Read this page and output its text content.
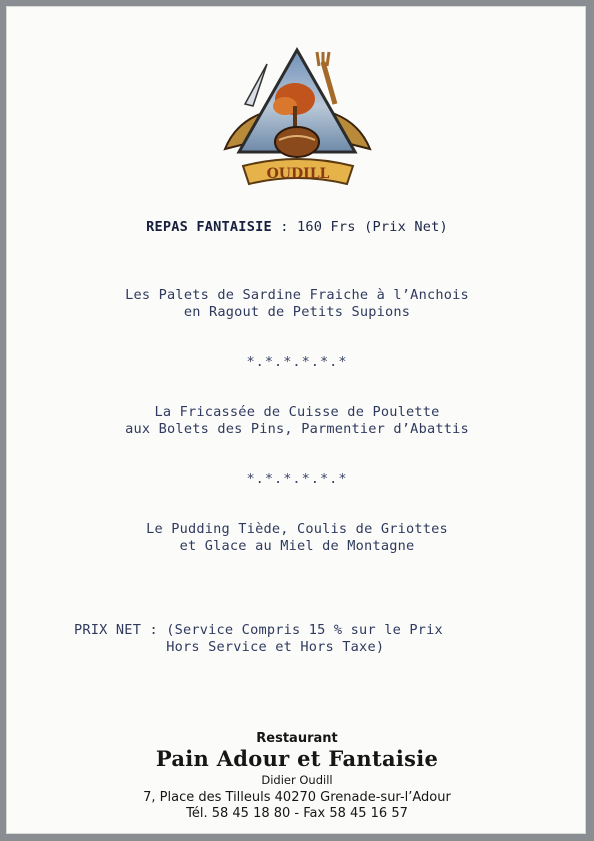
OUDILL
REPAS FANTAISIE : 160 Frs (Prix Net)
Les Palets de Sardine Fraiche à l’Anchois
en Ragout de Petits Supions
*.*.*.*.*.*
La Fricassée de Cuisse de Poulette
aux Bolets des Pins, Parmentier d’Abattis
*.*.*.*.*.*
Le Pudding Tiède, Coulis de Griottes
et Glace au Miel de Montagne
PRIX NET : (Service Compris 15 % sur le Prix
Hors Service et Hors Taxe)
Restaurant
Pain Adour et Fantaisie
Didier Oudill
7, Place des Tilleuls 40270 Grenade-sur-l’Adour
Tél. 58 45 18 80 - Fax 58 45 16 57
